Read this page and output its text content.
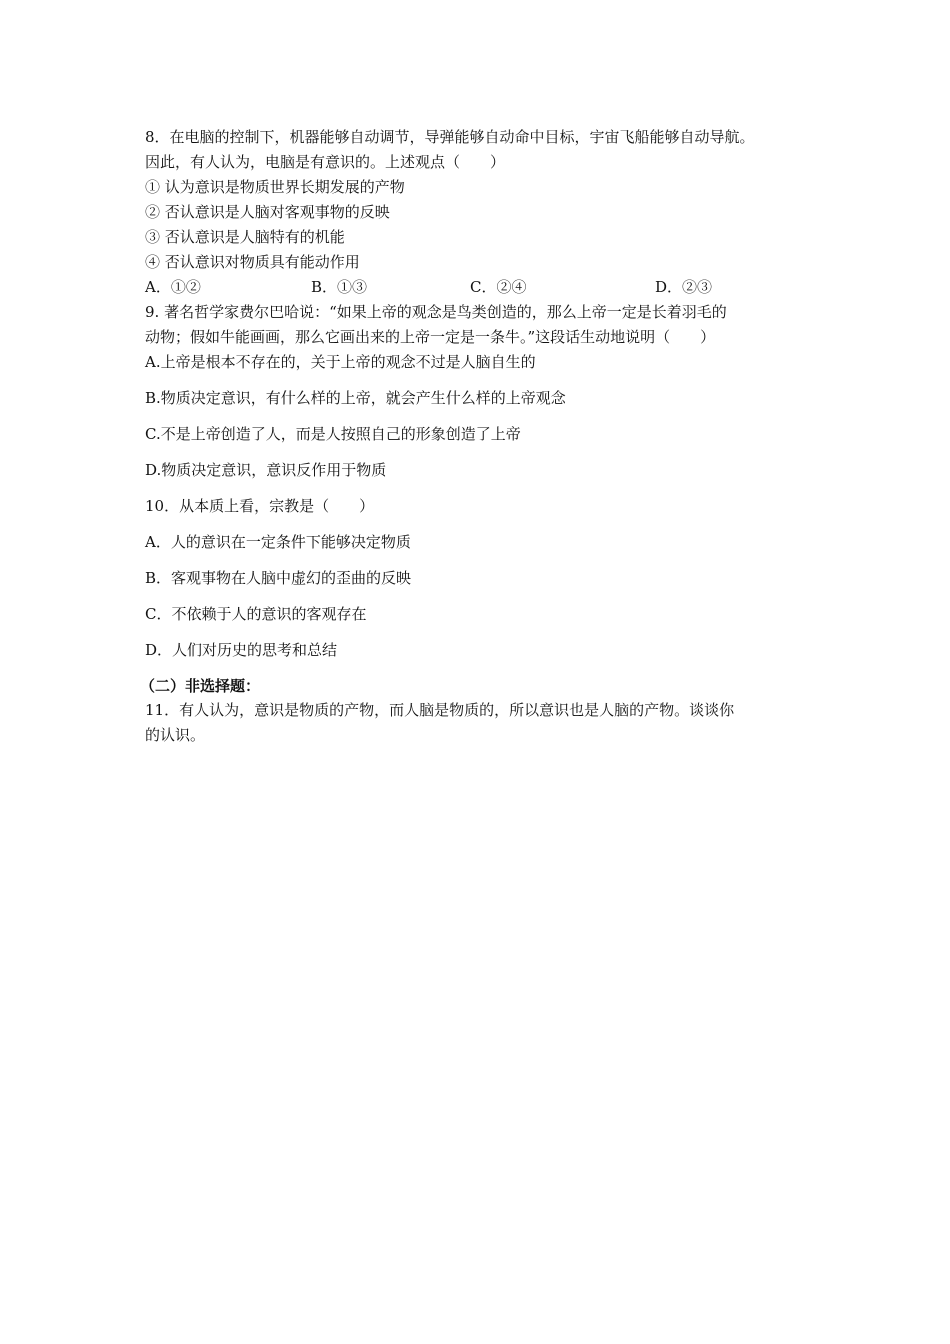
8．在电脑的控制下，机器能够自动调节，导弹能够自动命中目标，宇宙飞船能够自动导航。
因此，有人认为，电脑是有意识的。上述观点（　　）
① 认为意识是物质世界长期发展的产物
② 否认意识是人脑对客观事物的反映
③ 否认意识是人脑特有的机能
④ 否认意识对物质具有能动作用
A．①②	B．①③	C．②④	D．②③
9. 著名哲学家费尔巴哈说：“如果上帝的观念是鸟类创造的，那么上帝一定是长着羽毛的
动物；假如牛能画画，那么它画出来的上帝一定是一条牛。”这段话生动地说明（　　）
A.上帝是根本不存在的，关于上帝的观念不过是人脑自生的
B.物质决定意识，有什么样的上帝，就会产生什么样的上帝观念
C.不是上帝创造了人，而是人按照自己的形象创造了上帝
D.物质决定意识，意识反作用于物质
10．从本质上看，宗教是（　　）
A．人的意识在一定条件下能够决定物质
B．客观事物在人脑中虚幻的歪曲的反映
C．不依赖于人的意识的客观存在
D．人们对历史的思考和总结
（二）非选择题：
11．有人认为，意识是物质的产物，而人脑是物质的，所以意识也是人脑的产物。谈谈你
的认识。
